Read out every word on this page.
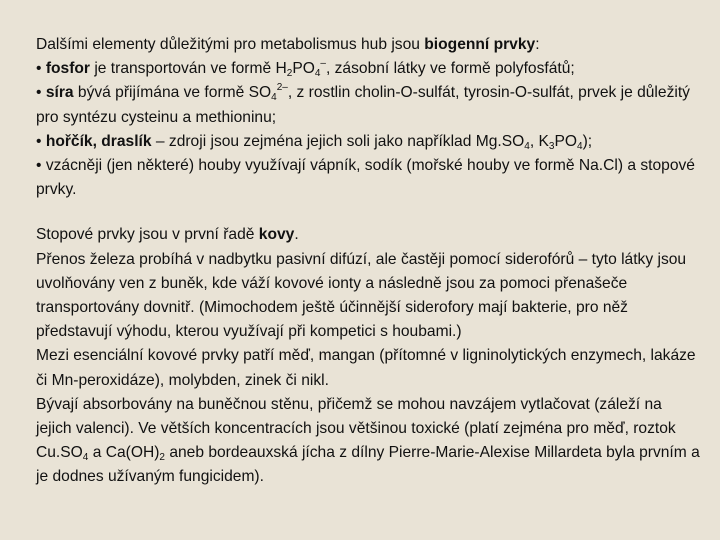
Dalšími elementy důležitými pro metabolismus hub jsou biogenní prvky:

• fosfor je transportován ve formě $H_2PO_4^-$, zásobní látky ve formě polyfosfátů;

• síra bývá přijímána ve formě $SO_4^{2-}$, z rostlin cholin-O-sulfát, tyrosin-O-sulfát, prvek je důležitý pro syntézu cysteinu a methioninu;

• hořčík, draslík – zdroji jsou zejména jejich soli jako například $Mg.SO_4$, $K_3PO_4$);

• vzácněji (jen některé) houby využívají vápník, sodík (mořské houby ve formě Na.Cl) a stopové prvky.

Stopové prvky jsou v první řadě kovy.

Přenos železa probíhá v nadbytku pasivní difúzí, ale častěji pomocí siderofórů – tyto látky jsou uvolňovány ven z buněk, kde váží kovové ionty a následně jsou za pomoci přenašeče transportovány dovnitř. (Mimochodem ještě účinnější siderofory mají bakterie, pro něž představují výhodu, kterou využívají při kompetici s houbami.)

Mezi esenciální kovové prvky patří měď, mangan (přítomné v ligninolytických enzymech, lakáze či Mn-peroxidáze), molybden, zinek či nikl.

Bývají absorbovány na buněčnou stěnu, přičemž se mohou navzájem vytlačovat (záleží na jejich valenci). Ve větších koncentracích jsou většinou toxické (platí zejména pro měď, roztok $Cu.SO_4$ a $Ca(OH)_2$ aneb bordeauxská jícha z dílny Pierre-Marie-Alexise Millardeta byla prvním a je dodnes užívaným fungicidem).
